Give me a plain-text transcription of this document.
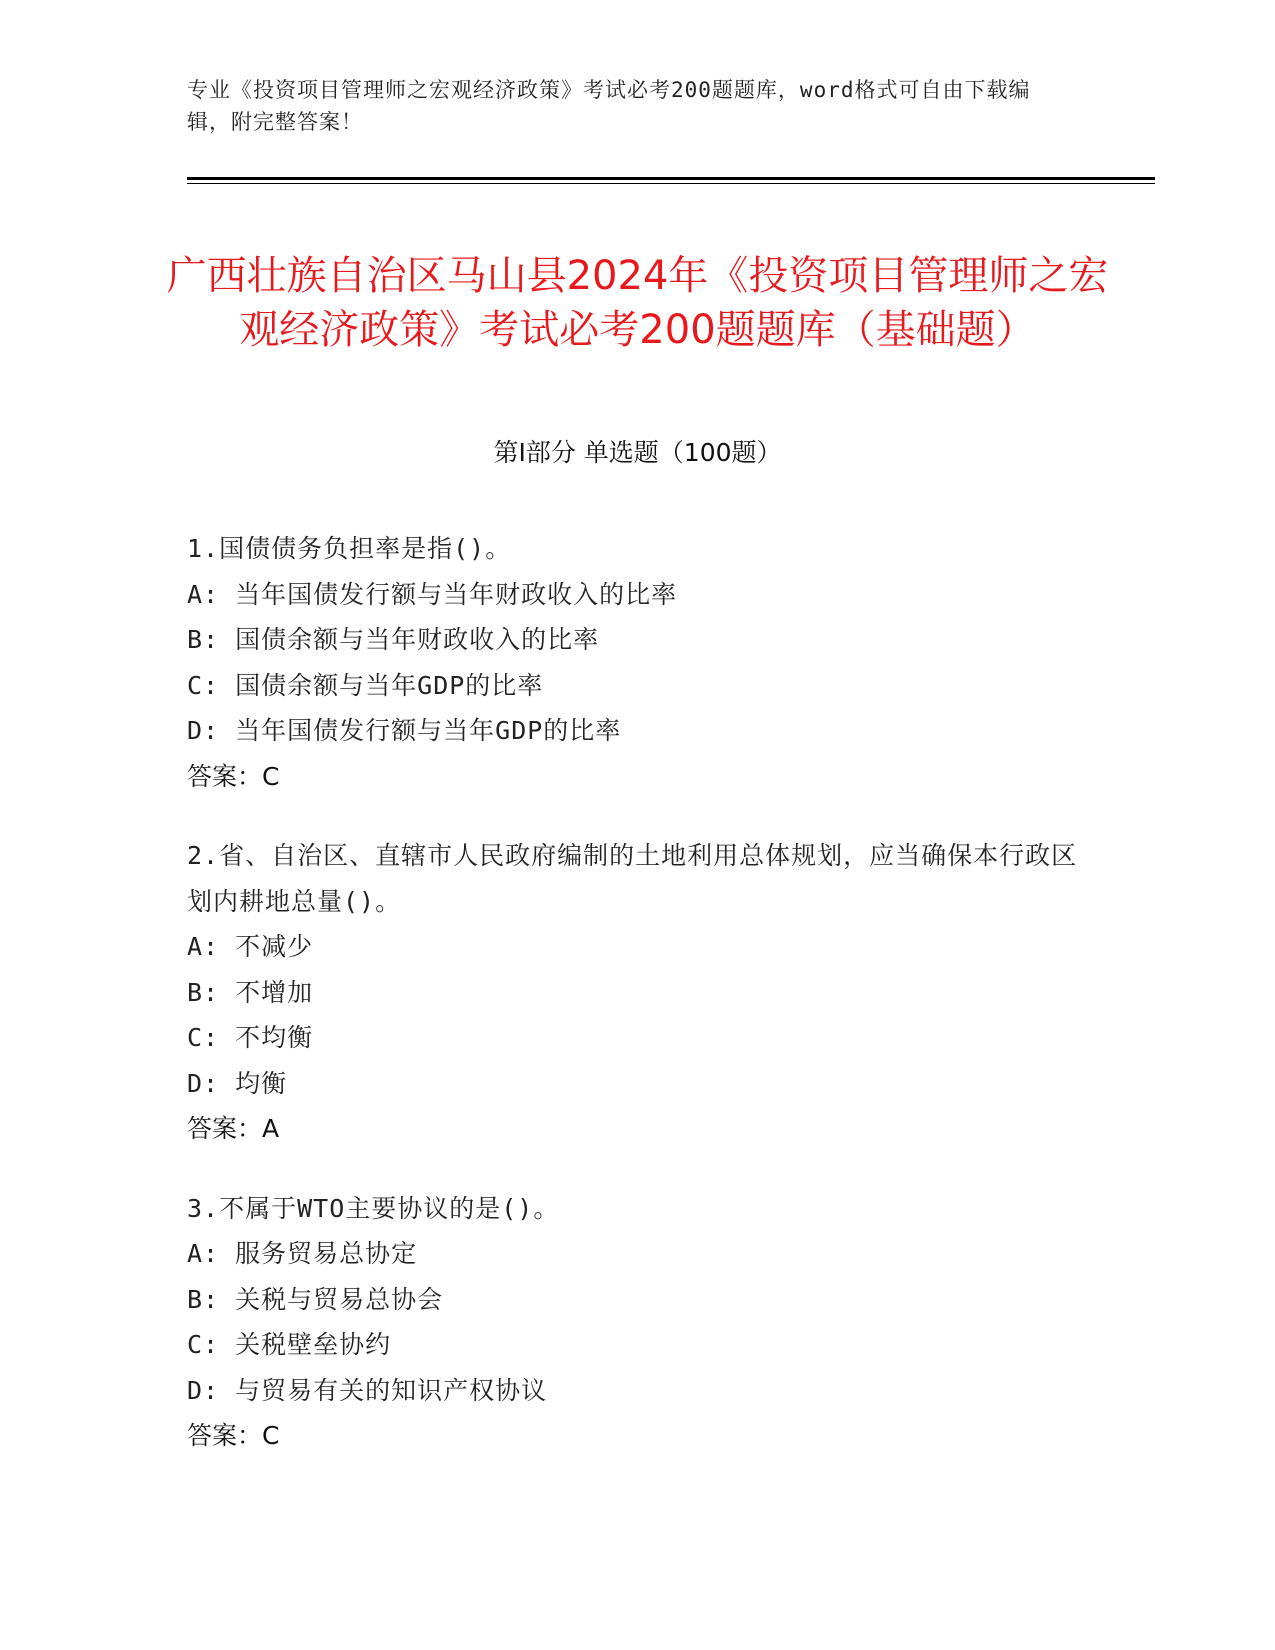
专业《投资项目管理师之宏观经济政策》考试必考200题题库，word格式可自由下载编辑，附完整答案！
广西壮族自治区马山县2024年《投资项目管理师之宏观经济政策》考试必考200题题库（基础题）
第I部分 单选题（100题）
1.国债债务负担率是指()。
A: 当年国债发行额与当年财政收入的比率
B: 国债余额与当年财政收入的比率
C: 国债余额与当年GDP的比率
D: 当年国债发行额与当年GDP的比率
答案：C
2.省、自治区、直辖市人民政府编制的土地利用总体规划，应当确保本行政区划内耕地总量()。
A: 不减少
B: 不增加
C: 不均衡
D: 均衡
答案：A
3.不属于WTO主要协议的是()。
A: 服务贸易总协定
B: 关税与贸易总协会
C: 关税壁垒协约
D: 与贸易有关的知识产权协议
答案：C
